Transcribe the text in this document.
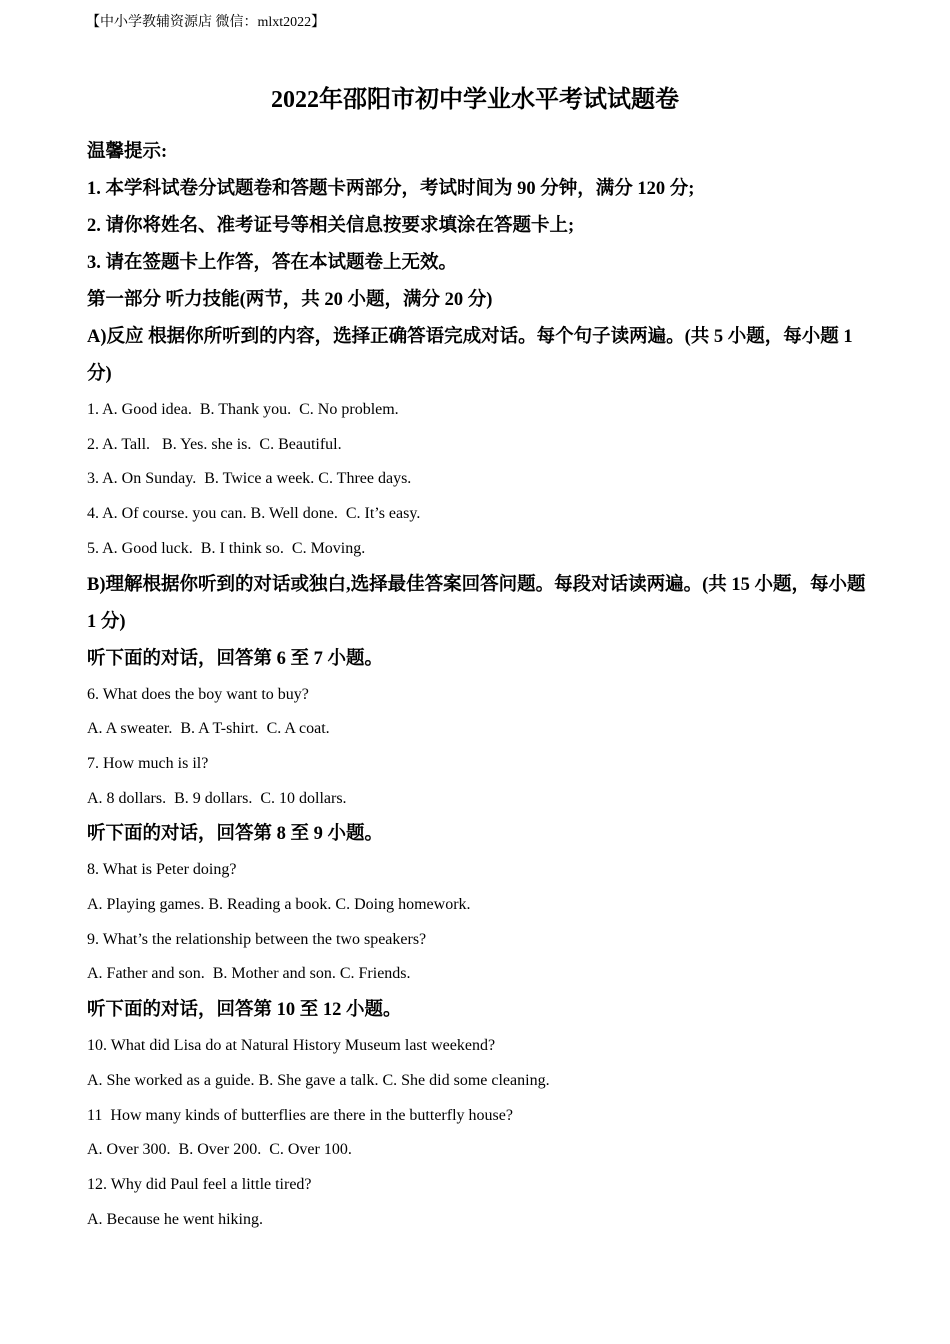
【中小学教辅资源店 微信：mlxt2022】
2022年邵阳市初中学业水平考试试题卷
温馨提示:
1. 本学科试卷分试题卷和答题卡两部分，考试时间为 90 分钟，满分 120 分;
2. 请你将姓名、准考证号等相关信息按要求填涂在答题卡上;
3. 请在签题卡上作答，答在本试题卷上无效。
第一部分 听力技能(两节，共 20 小题，满分 20 分)
A)反应 根据你所听到的内容，选择正确答语完成对话。每个句子读两遍。(共 5 小题，每小题 1 分)
1. A. Good idea.  B. Thank you.  C. No problem.
2. A. Tall.   B. Yes. she is.  C. Beautiful.
3. A. On Sunday.  B. Twice a week. C. Three days.
4. A. Of course. you can. B. Well done.  C. It’s easy.
5. A. Good luck.  B. I think so.  C. Moving.
B)理解根据你听到的对话或独白,选择最佳答案回答问题。每段对话读两遍。(共 15 小题，每小题 1 分)
听下面的对话，回答第 6 至 7 小题。
6. What does the boy want to buy?
A. A sweater.  B. A T-shirt.  C. A coat.
7. How much is il?
A. 8 dollars.  B. 9 dollars.  C. 10 dollars.
听下面的对话，回答第 8 至 9 小题。
8. What is Peter doing?
A. Playing games. B. Reading a book. C. Doing homework.
9. What’s the relationship between the two speakers?
A. Father and son.  B. Mother and son. C. Friends.
听下面的对话，回答第 10 至 12 小题。
10. What did Lisa do at Natural History Museum last weekend?
A. She worked as a guide. B. She gave a talk. C. She did some cleaning.
11  How many kinds of butterflies are there in the butterfly house?
A. Over 300.  B. Over 200.  C. Over 100.
12. Why did Paul feel a little tired?
A. Because he went hiking.
